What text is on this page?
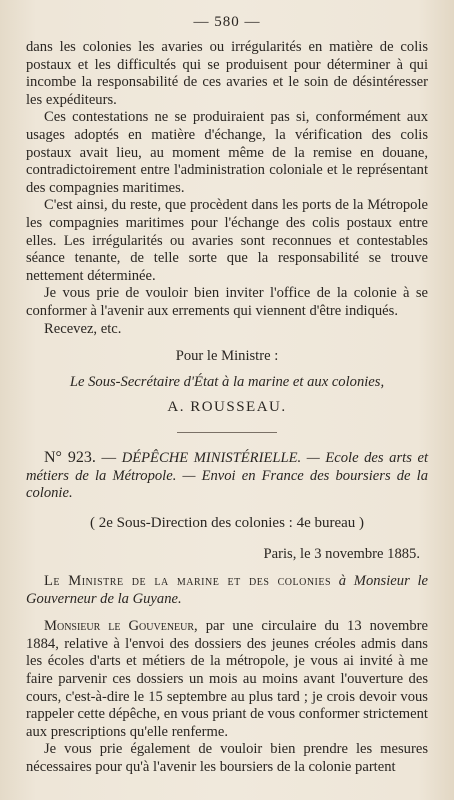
— 580 —

dans les colonies les avaries ou irrégularités en matière de colis postaux et les difficultés qui se produisent pour déterminer à qui incombe la responsabilité de ces avaries et le soin de désintéresser les expéditeurs.

Ces contestations ne se produiraient pas si, conformément aux usages adoptés en matière d'échange, la vérification des colis postaux avait lieu, au moment même de la remise en douane, contradictoirement entre l'administration coloniale et le représentant des compagnies maritimes.

C'est ainsi, du reste, que procèdent dans les ports de la Métropole les compagnies maritimes pour l'échange des colis postaux entre elles. Les irrégularités ou avaries sont reconnues et contestables séance tenante, de telle sorte que la responsabilité se trouve nettement déterminée.

Je vous prie de vouloir bien inviter l'office de la colonie à se conformer à l'avenir aux errements qui viennent d'être indiqués.

Recevez, etc.

Pour le Ministre :
Le Sous-Secrétaire d'État à la marine et aux colonies,
A. ROUSSEAU.

N° 923. — DÉPÊCHE MINISTÉRIELLE. — Ecole des arts et métiers de la Métropole. — Envoi en France des boursiers de la colonie.

( 2e Sous-Direction des colonies : 4e bureau )
Paris, le 3 novembre 1885.

Le Ministre de la marine et des colonies à Monsieur le Gouverneur de la Guyane.

Monsieur le Gouveneur, par une circulaire du 13 novembre 1884, relative à l'envoi des dossiers des jeunes créoles admis dans les écoles d'arts et métiers de la métropole, je vous ai invité à me faire parvenir ces dossiers un mois au moins avant l'ouverture des cours, c'est-à-dire le 15 septembre au plus tard ; je crois devoir vous rappeler cette dépêche, en vous priant de vous conformer strictement aux prescriptions qu'elle renferme.

Je vous prie également de vouloir bien prendre les mesures nécessaires pour qu'à l'avenir les boursiers de la colonie partent
